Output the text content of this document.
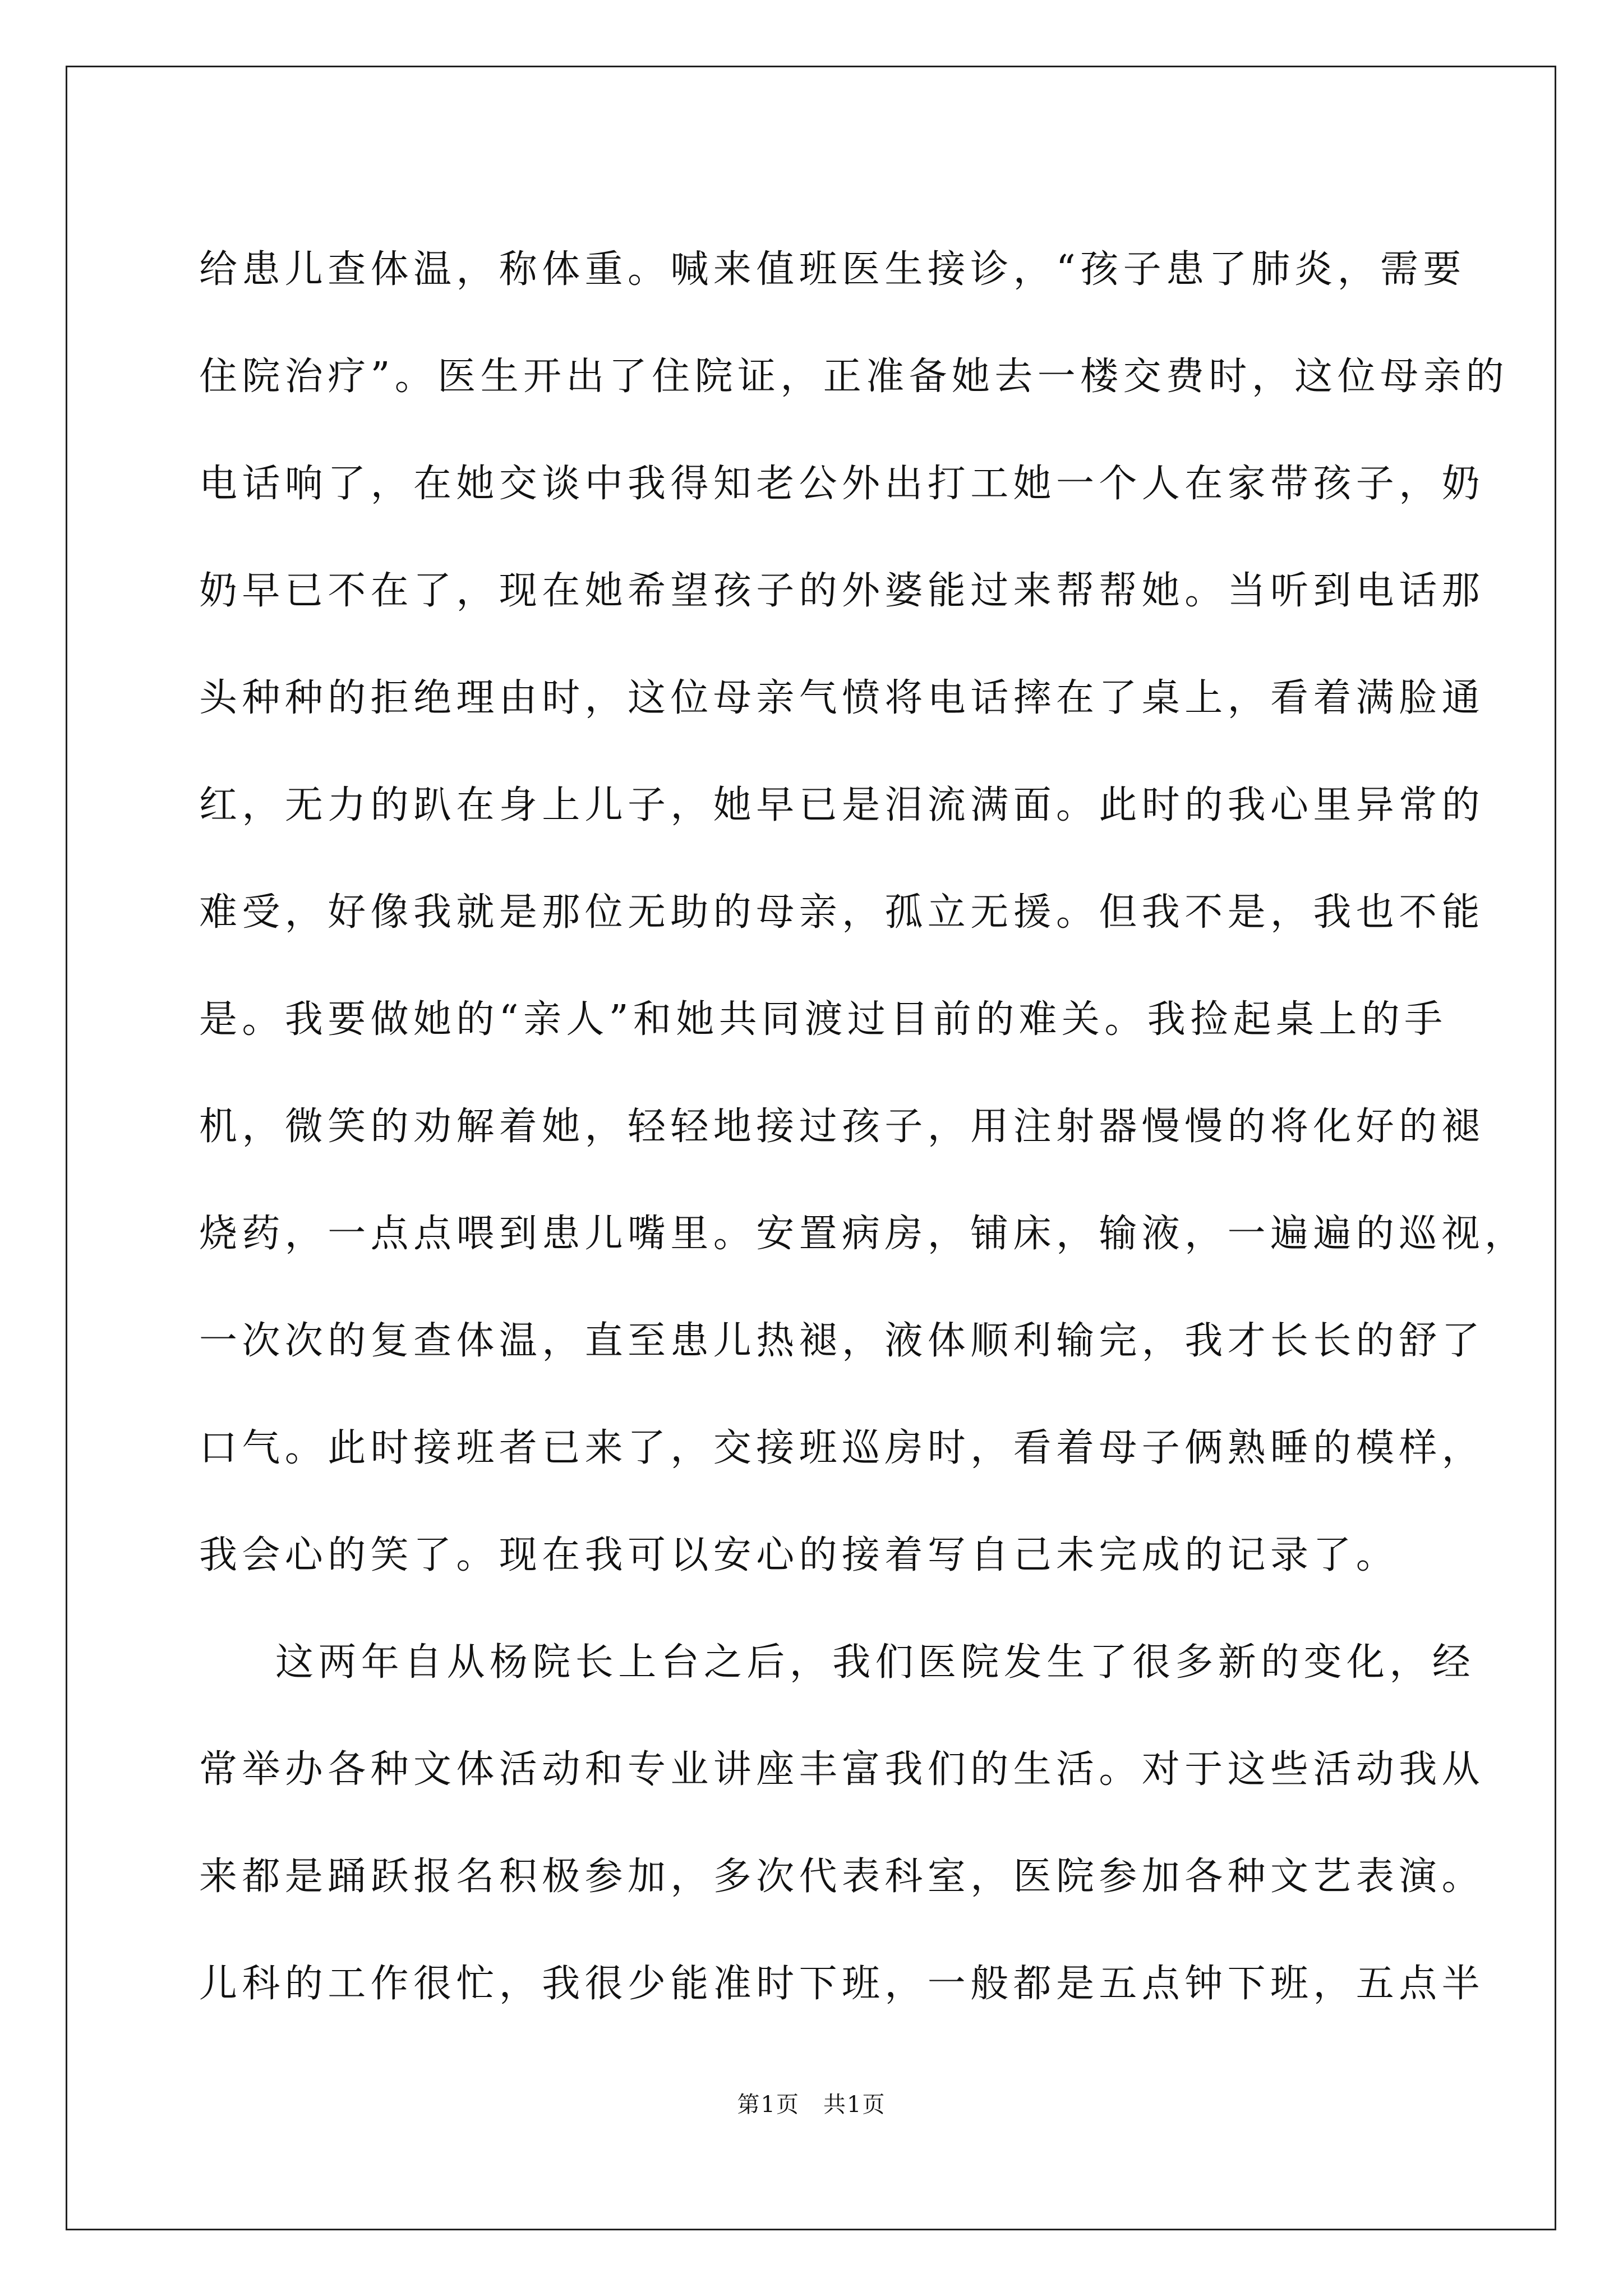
给患儿查体温，称体重。喊来值班医生接诊，“孩子患了肺炎，需要
住院治疗”。医生开出了住院证，正准备她去一楼交费时，这位母亲的
电话响了，在她交谈中我得知老公外出打工她一个人在家带孩子，奶
奶早已不在了，现在她希望孩子的外婆能过来帮帮她。当听到电话那
头种种的拒绝理由时，这位母亲气愤将电话摔在了桌上，看着满脸通
红，无力的趴在身上儿子，她早已是泪流满面。此时的我心里异常的
难受，好像我就是那位无助的母亲，孤立无援。但我不是，我也不能
是。我要做她的“亲人”和她共同渡过目前的难关。我捡起桌上的手
机，微笑的劝解着她，轻轻地接过孩子，用注射器慢慢的将化好的褪
烧药，一点点喂到患儿嘴里。安置病房，铺床，输液，一遍遍的巡视，
一次次的复查体温，直至患儿热褪，液体顺利输完，我才长长的舒了
口气。此时接班者已来了，交接班巡房时，看着母子俩熟睡的模样，
我会心的笑了。现在我可以安心的接着写自己未完成的记录了。
这两年自从杨院长上台之后，我们医院发生了很多新的变化，经
常举办各种文体活动和专业讲座丰富我们的生活。对于这些活动我从
来都是踊跃报名积极参加，多次代表科室，医院参加各种文艺表演。
儿科的工作很忙，我很少能准时下班，一般都是五点钟下班，五点半
第1页　共1页
